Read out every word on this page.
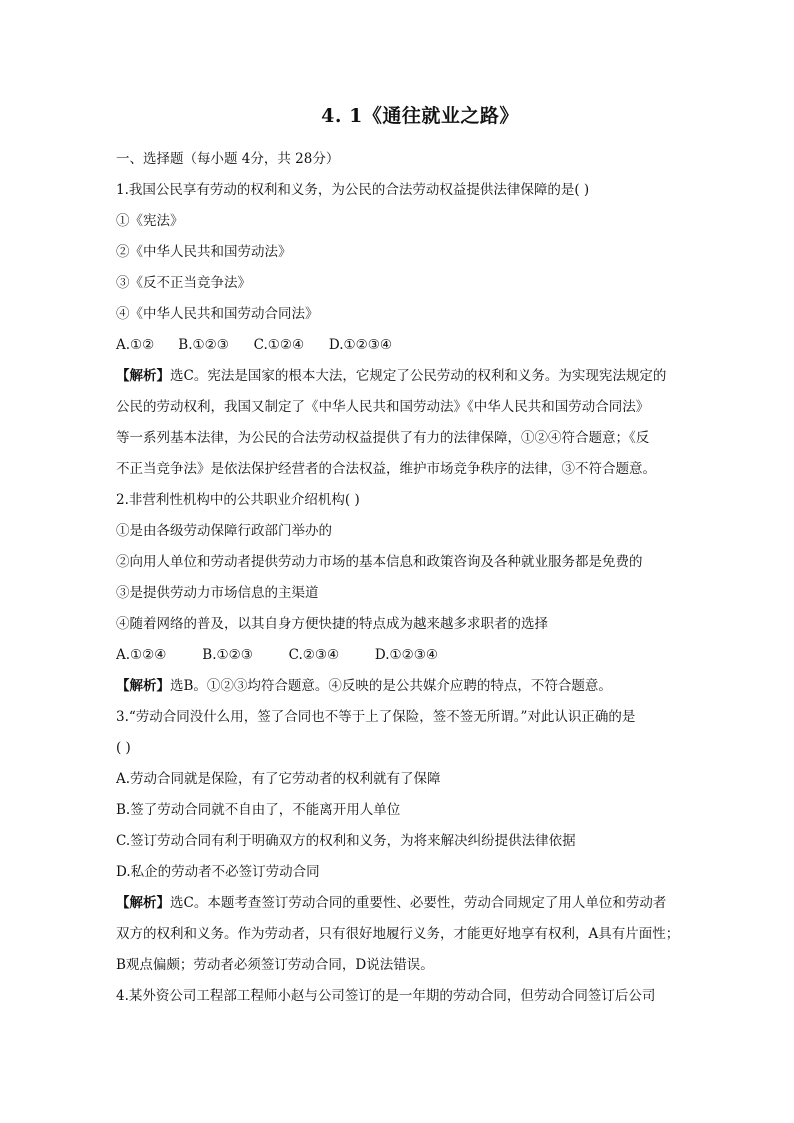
4. 1《通往就业之路》
一、选择题（每小题 4分，共 28分）
1.我国公民享有劳动的权利和义务，为公民的合法劳动权益提供法律保障的是( )
①《宪法》
②《中华人民共和国劳动法》
③《反不正当竞争法》
④《中华人民共和国劳动合同法》
A.①② B.①②③ C.①②④ D.①②③④
【解析】选C。宪法是国家的根本大法，它规定了公民劳动的权利和义务。为实现宪法规定的
公民的劳动权利，我国又制定了《中华人民共和国劳动法》《中华人民共和国劳动合同法》
等一系列基本法律，为公民的合法劳动权益提供了有力的法律保障，①②④符合题意；《反
不正当竞争法》是依法保护经营者的合法权益，维护市场竞争秩序的法律，③不符合题意。
2.非营利性机构中的公共职业介绍机构( )
①是由各级劳动保障行政部门举办的
②向用人单位和劳动者提供劳动力市场的基本信息和政策咨询及各种就业服务都是免费的
③是提供劳动力市场信息的主渠道
④随着网络的普及，以其自身方便快捷的特点成为越来越多求职者的选择
A.①②④	B.①②③	C.②③④	D.①②③④
【解析】选B。①②③均符合题意。④反映的是公共媒介应聘的特点，不符合题意。
3.“劳动合同没什么用，签了合同也不等于上了保险，签不签无所谓。”对此认识正确的是
( )
A.劳动合同就是保险，有了它劳动者的权利就有了保障
B.签了劳动合同就不自由了，不能离开用人单位
C.签订劳动合同有利于明确双方的权利和义务，为将来解决纠纷提供法律依据
D.私企的劳动者不必签订劳动合同
【解析】选C。本题考查签订劳动合同的重要性、必要性，劳动合同规定了用人单位和劳动者
双方的权利和义务。作为劳动者，只有很好地履行义务，才能更好地享有权利，A具有片面性；
B观点偏颇；劳动者必须签订劳动合同，D说法错误。
4.某外资公司工程部工程师小赵与公司签订的是一年期的劳动合同，但劳动合同签订后公司
